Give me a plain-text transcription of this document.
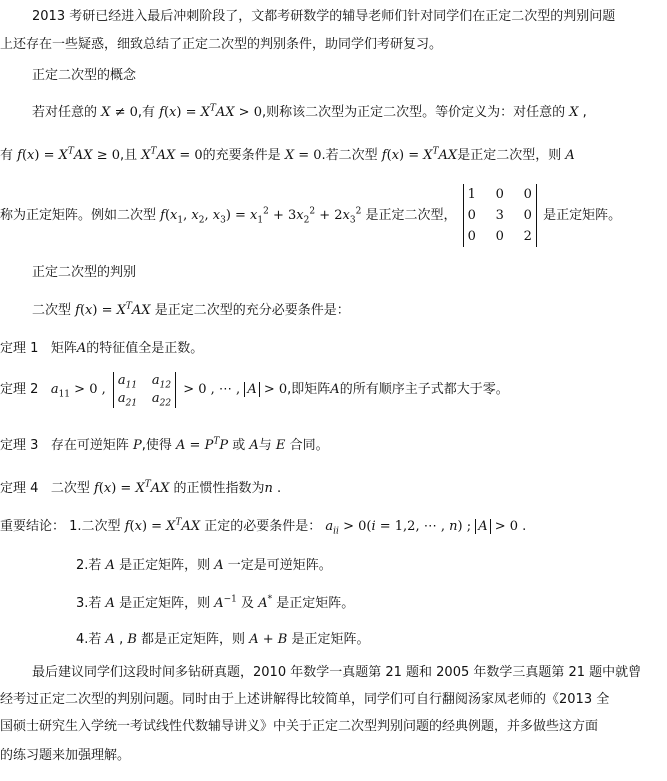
2013 考研已经进入最后冲刺阶段了，文都考研数学的辅导老师们针对同学们在正定二次型的判别问题
上还存在一些疑惑，细致总结了正定二次型的判别条件，助同学们考研复习。
正定二次型的概念
若对任意的 X ≠ 0,有 $f(x) = X^TAX > 0$,则称该二次型为正定二次型。等价定义为：对任意的 X ,
有 $f(x) = X^TAX \ge 0$,且 $X^TAX = 0$的充要条件是 X = 0.若二次型 $f(x) = X^TAX$是正定二次型，则 A
称为正定矩阵。例如二次型 $f(x_1$, $x_2$, $x_3) = x_1^2 + 3x_2^2 + 2x_3^2$ 是正定二次型，
1 0 0
0 3 0
0 0 2
是正定矩阵。
正定二次型的判别
二次型 $f(x) = X^TAX$ 是正定二次型的充分必要条件是：
定理 1 矩阵A的特征值全是正数。
定理 2 $a_{11} > 0$ ,
$a_{11}$ $a_{12}$
$a_{21}$ $a_{22}$
> 0 , ⋯ , A > 0,即矩阵A的所有顺序主子式都大于零。
定理 3 存在可逆矩阵 P,使得 $A = P^TP$ 或 A与 E 合同。
定理 4 二次型 $f(x) = X^TAX$ 的正惯性指数为n .
重要结论： 1.二次型 $f(x) = X^TAX$ 正定的必要条件是： $a_{ii} > 0(i = 1,2$, ⋯ , n) ; A > 0 .
2.若 A 是正定矩阵，则 A 一定是可逆矩阵。
3.若 A 是正定矩阵，则 $A^{-1}$ 及 A* 是正定矩阵。
4.若 A , B 都是正定矩阵，则 A + B 是正定矩阵。
最后建议同学们这段时间多钻研真题，2010 年数学一真题第 21 题和 2005 年数学三真题第 21 题中就曾
经考过正定二次型的判别问题。同时由于上述讲解得比较简单，同学们可自行翻阅汤家凤老师的《2013 全
国硕士研究生入学统一考试线性代数辅导讲义》中关于正定二次型判别问题的经典例题，并多做些这方面
的练习题来加强理解。
